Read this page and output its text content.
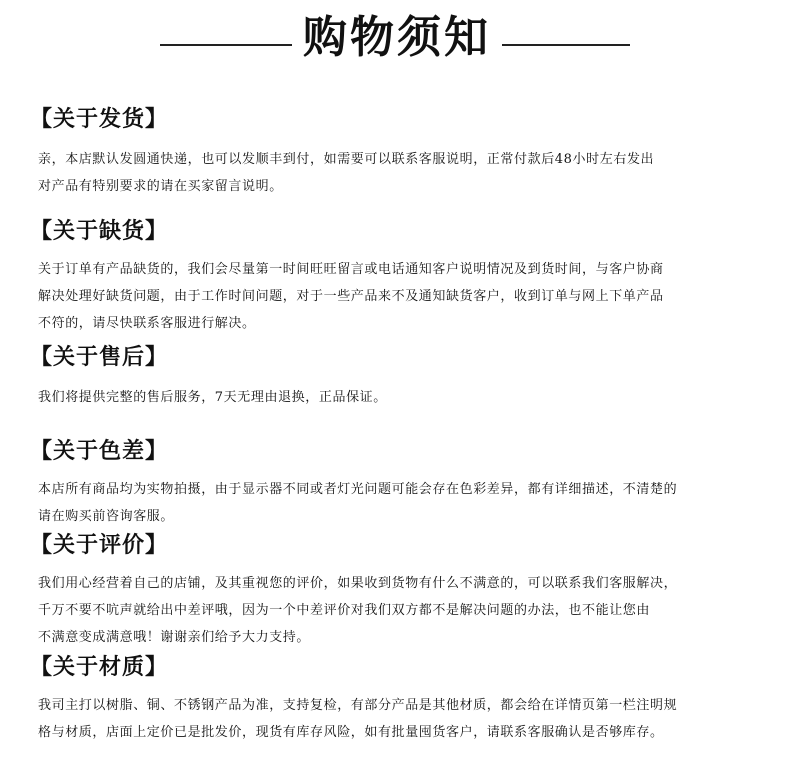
购物须知
【关于发货】

亲，本店默认发圆通快递，也可以发顺丰到付，如需要可以联系客服说明，正常付款后48小时左右发出
对产品有特别要求的请在买家留言说明。

【关于缺货】

关于订单有产品缺货的，我们会尽量第一时间旺旺留言或电话通知客户说明情况及到货时间，与客户协商
解决处理好缺货问题，由于工作时间问题，对于一些产品来不及通知缺货客户，收到订单与网上下单产品
不符的，请尽快联系客服进行解决。

【关于售后】

我们将提供完整的售后服务，7天无理由退换，正品保证。

【关于色差】

本店所有商品均为实物拍摄，由于显示器不同或者灯光问题可能会存在色彩差异，都有详细描述，不清楚的
请在购买前咨询客服。

【关于评价】

我们用心经营着自己的店铺，及其重视您的评价，如果收到货物有什么不满意的，可以联系我们客服解决，
千万不要不吭声就给出中差评哦，因为一个中差评价对我们双方都不是解决问题的办法，也不能让您由
不满意变成满意哦！谢谢亲们给予大力支持。

【关于材质】

我司主打以树脂、铜、不锈钢产品为准，支持复检，有部分产品是其他材质，都会给在详情页第一栏注明规
格与材质，店面上定价已是批发价，现货有库存风险，如有批量囤货客户，请联系客服确认是否够库存。
